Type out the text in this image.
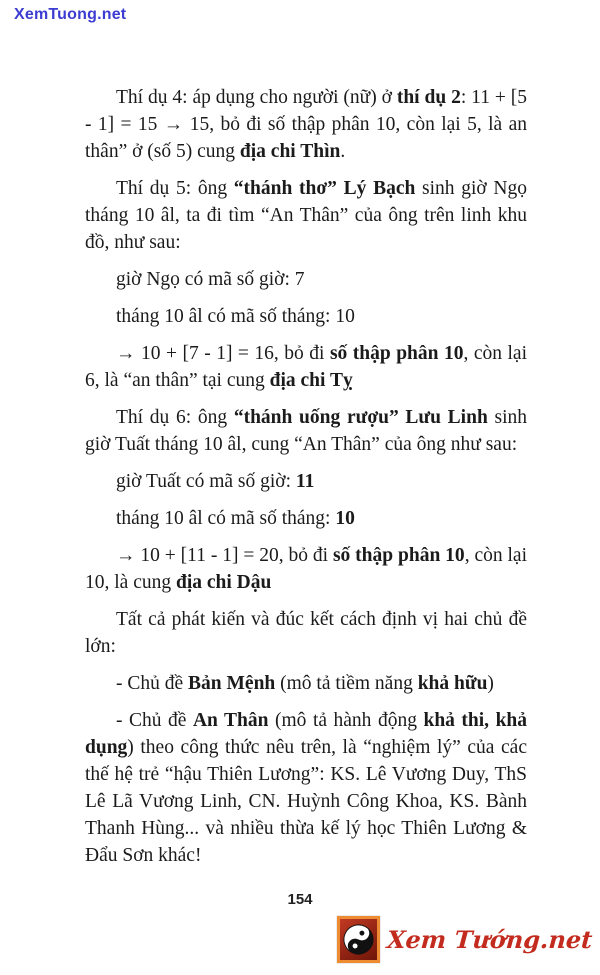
XemTuong.net

Thí dụ 4: áp dụng cho người (nữ) ở thí dụ 2: 11 + [5 - 1] = 15 → 15, bỏ đi số thập phân 10, còn lại 5, là an thân” ở (số 5) cung địa chi Thìn.

Thí dụ 5: ông “thánh thơ” Lý Bạch sinh giờ Ngọ tháng 10 âl, ta đi tìm “An Thân” của ông trên linh khu đồ, như sau:

giờ Ngọ có mã số giờ: 7

tháng 10 âl có mã số tháng: 10

→ 10 + [7 - 1] = 16, bỏ đi số thập phân 10, còn lại 6, là “an thân” tại cung địa chi Tỵ

Thí dụ 6: ông “thánh uống rượu” Lưu Linh sinh giờ Tuất tháng 10 âl, cung “An Thân” của ông như sau:

giờ Tuất có mã số giờ: 11

tháng 10 âl có mã số tháng: 10

→ 10 + [11 - 1] = 20, bỏ đi số thập phân 10, còn lại 10, là cung địa chi Dậu

Tất cả phát kiến và đúc kết cách định vị hai chủ đề lớn:

- Chủ đề Bản Mệnh (mô tả tiềm năng khả hữu)

- Chủ đề An Thân (mô tả hành động khả thi, khả dụng) theo công thức nêu trên, là “nghiệm lý” của các thế hệ trẻ “hậu Thiên Lương”: KS. Lê Vương Duy, ThS Lê Lã Vương Linh, CN. Huỳnh Công Khoa, KS. Bành Thanh Hùng... và nhiều thừa kế lý học Thiên Lương & Đẩu Sơn khác!

154
Xem Tướng.net
